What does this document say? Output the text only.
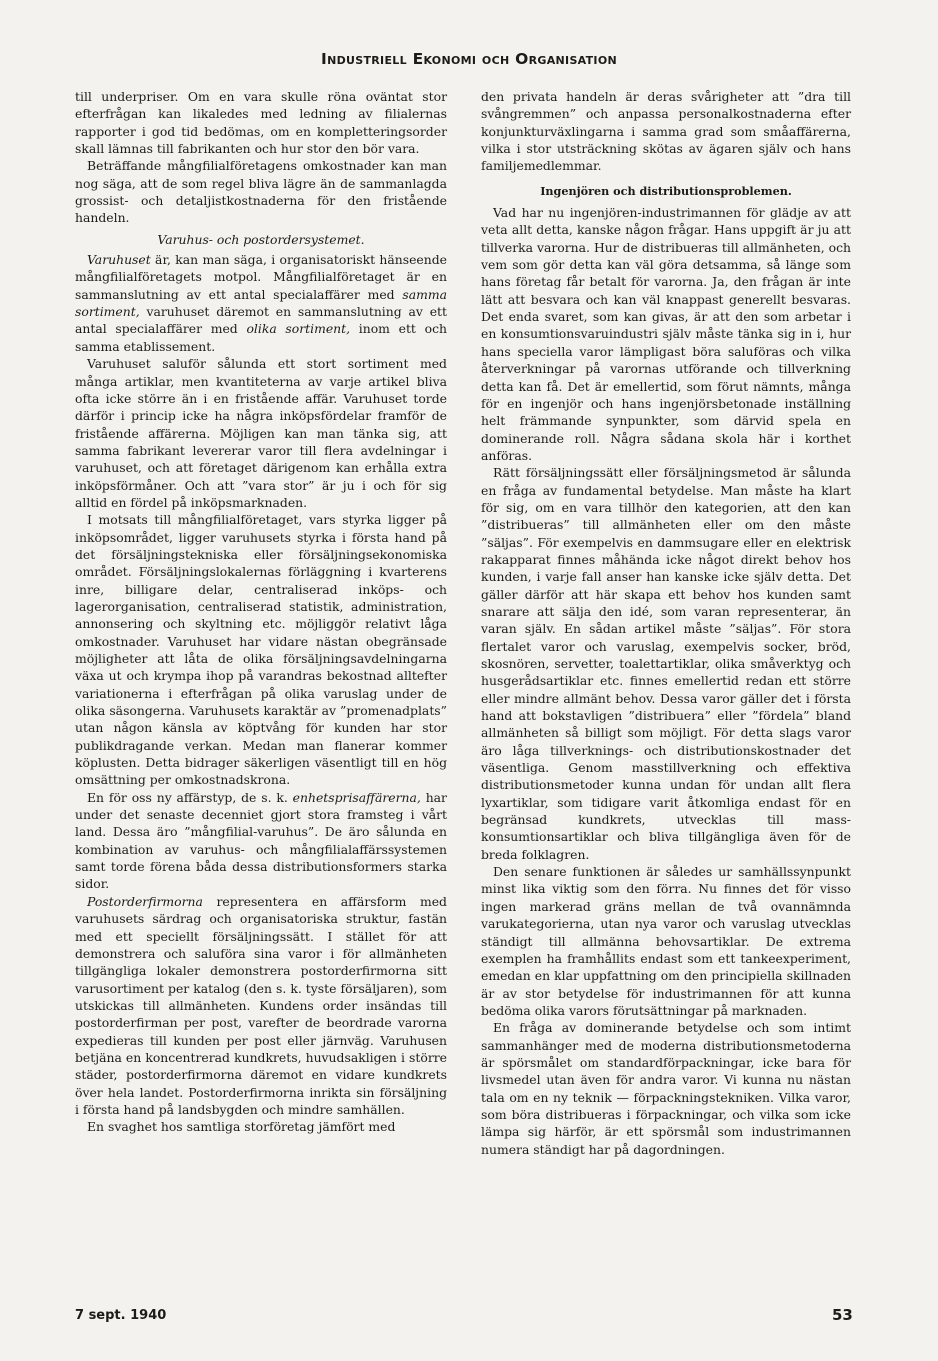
Industriell Ekonomi och Organisation

till underpriser. Om en vara skulle röna oväntat stor efterfrågan kan likaledes med ledning av filialernas rapporter i god tid bedömas, om en kompletteringsorder skall lämnas till fabrikanten och hur stor den bör vara.

Beträffande mångfilialföretagens omkostnader kan man nog säga, att de som regel bliva lägre än de sammanlagda grossist- och detaljistkostnaderna för den fristående handeln.

Varuhus- och postordersystemet.

Varuhuset är, kan man säga, i organisatoriskt hänseende mångfilialföretagets motpol. Mångfilialföretaget är en sammanslutning av ett antal specialaffärer med samma sortiment, varuhuset däremot en sammanslutning av ett antal specialaffärer med olika sortiment, inom ett och samma etablissement.

Varuhuset saluför sålunda ett stort sortiment med många artiklar, men kvantiteterna av varje artikel bliva ofta icke större än i en fristående affär. Varuhuset torde därför i princip icke ha några inköpsfördelar framför de fristående affärerna. Möjligen kan man tänka sig, att samma fabrikant levererar varor till flera avdelningar i varuhuset, och att företaget därigenom kan erhålla extra inköpsförmåner. Och att ”vara stor” är ju i och för sig alltid en fördel på inköpsmarknaden.

I motsats till mångfilialföretaget, vars styrka ligger på inköpsområdet, ligger varuhusets styrka i första hand på det försäljningstekniska eller försäljningsekonomiska området. Försäljningslokalernas förläggning i kvarterens inre, billigare delar, centraliserad inköps- och lagerorganisation, centraliserad statistik, administration, annonsering och skyltning etc. möjliggör relativt låga omkostnader. Varuhuset har vidare nästan obegränsade möjligheter att låta de olika försäljningsavdelningarna växa ut och krympa ihop på varandras bekostnad alltefter variationerna i efterfrågan på olika varuslag under de olika säsongerna. Varuhusets karaktär av ”promenadplats” utan någon känsla av köptvång för kunden har stor publikdragande verkan. Medan man flanerar kommer köplusten. Detta bidrager säkerligen väsentligt till en hög omsättning per omkostnadskrona.

En för oss ny affärstyp, de s. k. enhetsprisaffärerna, har under det senaste decenniet gjort stora framsteg i vårt land. Dessa äro ”mångfilial-varuhus”. De äro sålunda en kombination av varuhus- och mångfilialaffärssystemen samt torde förena båda dessa distributionsformers starka sidor.

Postorderfirmorna representera en affärsform med varuhusets särdrag och organisatoriska struktur, fastän med ett speciellt försäljningssätt. I stället för att demonstrera och saluföra sina varor i för allmänheten tillgängliga lokaler demonstrera postorderfirmorna sitt varusortiment per katalog (den s. k. tyste försäljaren), som utskickas till allmänheten. Kundens order insändas till postorderfirman per post, varefter de beordrade varorna expedieras till kunden per post eller järnväg. Varuhusen betjäna en koncentrerad kundkrets, huvudsakligen i större städer, postorderfirmorna däremot en vidare kundkrets över hela landet. Postorderfirmorna inrikta sin försäljning i första hand på landsbygden och mindre samhällen.

En svaghet hos samtliga storföretag jämfört med

den privata handeln är deras svårigheter att ”dra till svångremmen” och anpassa personalkostnaderna efter konjunkturväxlingarna i samma grad som småaffärerna, vilka i stor utsträckning skötas av ägaren själv och hans familjemedlemmar.

Ingenjören och distributionsproblemen.

Vad har nu ingenjören-industrimannen för glädje av att veta allt detta, kanske någon frågar. Hans uppgift är ju att tillverka varorna. Hur de distribueras till allmänheten, och vem som gör detta kan väl göra detsamma, så länge som hans företag får betalt för varorna. Ja, den frågan är inte lätt att besvara och kan väl knappast generellt besvaras. Det enda svaret, som kan givas, är att den som arbetar i en konsumtionsvaruindustri själv måste tänka sig in i, hur hans speciella varor lämpligast böra saluföras och vilka återverkningar på varornas utförande och tillverkning detta kan få. Det är emellertid, som förut nämnts, många för en ingenjör och hans ingenjörsbetonade inställning helt främmande synpunkter, som därvid spela en dominerande roll. Några sådana skola här i korthet anföras.

Rätt försäljningssätt eller försäljningsmetod är sålunda en fråga av fundamental betydelse. Man måste ha klart för sig, om en vara tillhör den kategorien, att den kan ”distribueras” till allmänheten eller om den måste ”säljas”. För exempelvis en dammsugare eller en elektrisk rakapparat finnes måhända icke något direkt behov hos kunden, i varje fall anser han kanske icke själv detta. Det gäller därför att här skapa ett behov hos kunden samt snarare att sälja den idé, som varan representerar, än varan själv. En sådan artikel måste ”säljas”. För stora flertalet varor och varuslag, exempelvis socker, bröd, skosnören, servetter, toalettartiklar, olika småverktyg och husgerådsartiklar etc. finnes emellertid redan ett större eller mindre allmänt behov. Dessa varor gäller det i första hand att bokstavligen ”distribuera” eller ”fördela” bland allmänheten så billigt som möjligt. För detta slags varor äro låga tillverknings- och distributionskostnader det väsentliga. Genom masstillverkning och effektiva distributionsmetoder kunna undan för undan allt flera lyxartiklar, som tidigare varit åtkomliga endast för en begränsad kundkrets, utvecklas till mass-konsumtionsartiklar och bliva tillgängliga även för de breda folklagren.

Den senare funktionen är således ur samhällssynpunkt minst lika viktig som den förra. Nu finnes det för visso ingen markerad gräns mellan de två ovannämnda varukategorierna, utan nya varor och varuslag utvecklas ständigt till allmänna behovsartiklar. De extrema exemplen ha framhållits endast som ett tankeexperiment, emedan en klar uppfattning om den principiella skillnaden är av stor betydelse för industrimannen för att kunna bedöma olika varors förutsättningar på marknaden.

En fråga av dominerande betydelse och som intimt sammanhänger med de moderna distributionsmetoderna är spörsmålet om standardförpackningar, icke bara för livsmedel utan även för andra varor. Vi kunna nu nästan tala om en ny teknik — förpackningstekniken. Vilka varor, som böra distribueras i förpackningar, och vilka som icke lämpa sig härför, är ett spörsmål som industrimannen numera ständigt har på dagordningen.

7 sept. 1940	53
